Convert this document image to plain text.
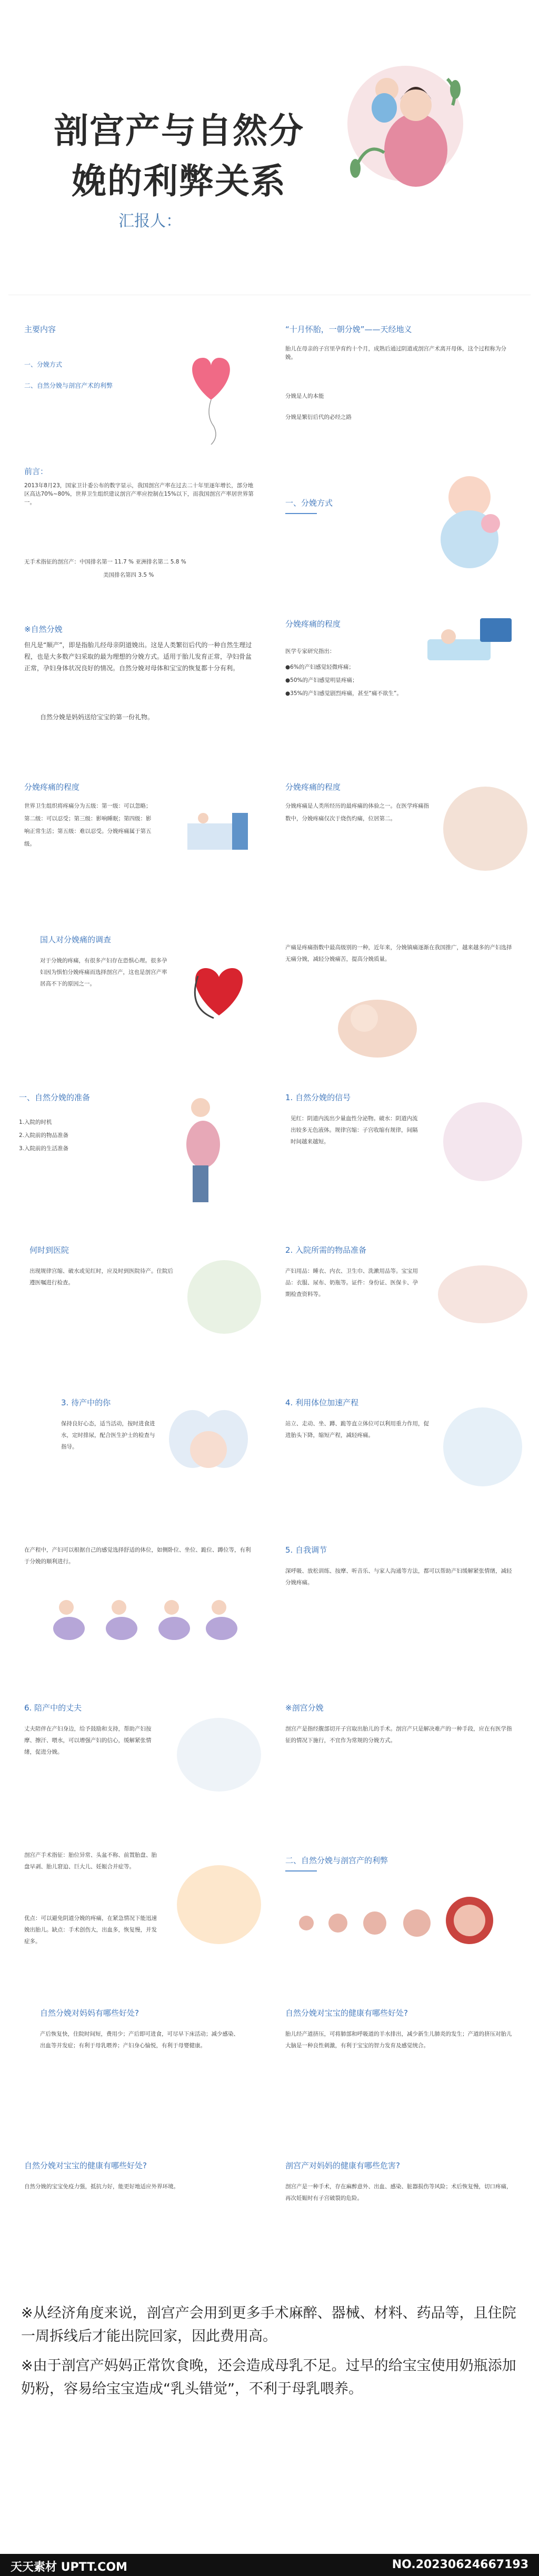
剖宫产与自然分
娩的利弊关系
汇报人：
主要内容
一、分娩方式
二、自然分娩与剖宫产术的利弊
“十月怀胎，一朝分娩”——天经地义
胎儿在母亲的子宫里孕育约十个月，成熟后通过阴道或剖宫产术离开母体，这个过程称为分娩。
分娩是人的本能
分娩是繁衍后代的必经之路
前言：
2013年8月23，国家卫计委公布的数字显示，我国剖宫产率在过去二十年里逐年增长，部分地区高达70%~80%，世界卫生组织建议剖宫产率应控制在15%以下，而我国剖宫产率居世界第一。
无手术指征的剖宫产：中国排名第一 11.7 % 亚洲排名第二 5.8 %
美国排名第四 3.5 %
一、分娩方式
※自然分娩
但凡是“顺产”，即是指胎儿经母亲阴道娩出。这是人类繁衍后代的一种自然生理过程，也是大多数产妇采取的最为理想的分娩方式。适用于胎儿发育正常，孕妇骨盆正常，孕妇身体状况良好的情况。自然分娩对母体和宝宝的恢复都十分有利。
自然分娩是妈妈送给宝宝的第一份礼物。
分娩疼痛的程度
医学专家研究指出：
●6%的产妇感觉轻微疼痛；
●50%的产妇感觉明显疼痛；
●35%的产妇感觉剧烈疼痛，甚至“痛不欲生”。
分娩疼痛的程度
世界卫生组织将疼痛分为五级：第一级：可以忽略；第二级：可以忍受；第三级：影响睡眠；第四级：影响正常生活；第五级：难以忍受。分娩疼痛属于第五级。
分娩疼痛的程度
分娩疼痛是人类所经历的最疼痛的体验之一。在医学疼痛指数中，分娩疼痛仅次于烧伤灼痛，位居第二。
国人对分娩痛的调查
对于分娩的疼痛，有很多产妇存在恐惧心理。很多孕妇因为惧怕分娩疼痛而选择剖宫产，这也是剖宫产率居高不下的原因之一。
产痛是疼痛指数中最高级别的一种，近年来，分娩镇痛逐渐在我国推广，越来越多的产妇选择无痛分娩，减轻分娩痛苦，提高分娩质量。
一、自然分娩的准备
1.入院的时机
2.入院前的物品准备
3.入院前的生活准备
1. 自然分娩的信号
见红：阴道内流出少量血性分泌物。破水：阴道内流出较多无色液体。规律宫缩：子宫收缩有规律，间隔时间越来越短。
何时到医院
出现规律宫缩、破水或见红时，应及时到医院待产。住院后遵医嘱进行检查。
2. 入院所需的物品准备
产妇用品：睡衣、内衣、卫生巾、洗漱用品等。宝宝用品：衣服、尿布、奶瓶等。证件：身份证、医保卡、孕期检查资料等。
3. 待产中的你
保持良好心态，适当活动，按时进食进水，定时排尿，配合医生护士的检查与指导。
4. 利用体位加速产程
站立、走动、坐、蹲、跪等直立体位可以利用重力作用，促进胎头下降，缩短产程，减轻疼痛。
在产程中，产妇可以根据自己的感觉选择舒适的体位，如侧卧位、坐位、跪位、蹲位等，有利于分娩的顺利进行。
5. 自我调节
深呼吸、放松训练、按摩、听音乐、与家人沟通等方法，都可以帮助产妇缓解紧张情绪，减轻分娩疼痛。
6. 陪产中的丈夫
丈夫陪伴在产妇身边，给予鼓励和支持，帮助产妇按摩、擦汗、喂水，可以增强产妇的信心，缓解紧张情绪，促进分娩。
※剖宫分娩
剖宫产是指经腹部切开子宫取出胎儿的手术。剖宫产只是解决难产的一种手段，应在有医学指征的情况下施行，不宜作为常规的分娩方式。
剖宫产手术指征：胎位异常、头盆不称、前置胎盘、胎盘早剥、胎儿窘迫、巨大儿、妊娠合并症等。
优点：可以避免阴道分娩的疼痛，在紧急情况下能迅速娩出胎儿。缺点：手术创伤大，出血多，恢复慢，并发症多。
二、自然分娩与剖宫产的利弊
自然分娩对妈妈有哪些好处?
产后恢复快，住院时间短，费用少；产后即可进食，可尽早下床活动；减少感染、出血等并发症；有利于母乳喂养；产妇身心愉悦，有利于母婴健康。
自然分娩对宝宝的健康有哪些好处?
胎儿经产道挤压，可将肺部和呼吸道的羊水排出，减少新生儿肺炎的发生；产道的挤压对胎儿大脑是一种良性刺激，有利于宝宝的智力发育及感觉统合。
自然分娩对宝宝的健康有哪些好处?
自然分娩的宝宝免疫力强，抵抗力好，能更好地适应外界环境。
剖宫产对妈妈的健康有哪些危害?
剖宫产是一种手术，存在麻醉意外、出血、感染、脏器损伤等风险；术后恢复慢，切口疼痛，再次妊娠时有子宫破裂的危险。
※从经济角度来说，剖宫产会用到更多手术麻醉、器械、材料、药品等，且住院一周拆线后才能出院回家，因此费用高。
※由于剖宫产妈妈正常饮食晚，还会造成母乳不足。过早的给宝宝使用奶瓶添加奶粉，容易给宝宝造成“乳头错觉”，不利于母乳喂养。
天天素材 UPTT.COM	NO.20230624667193
